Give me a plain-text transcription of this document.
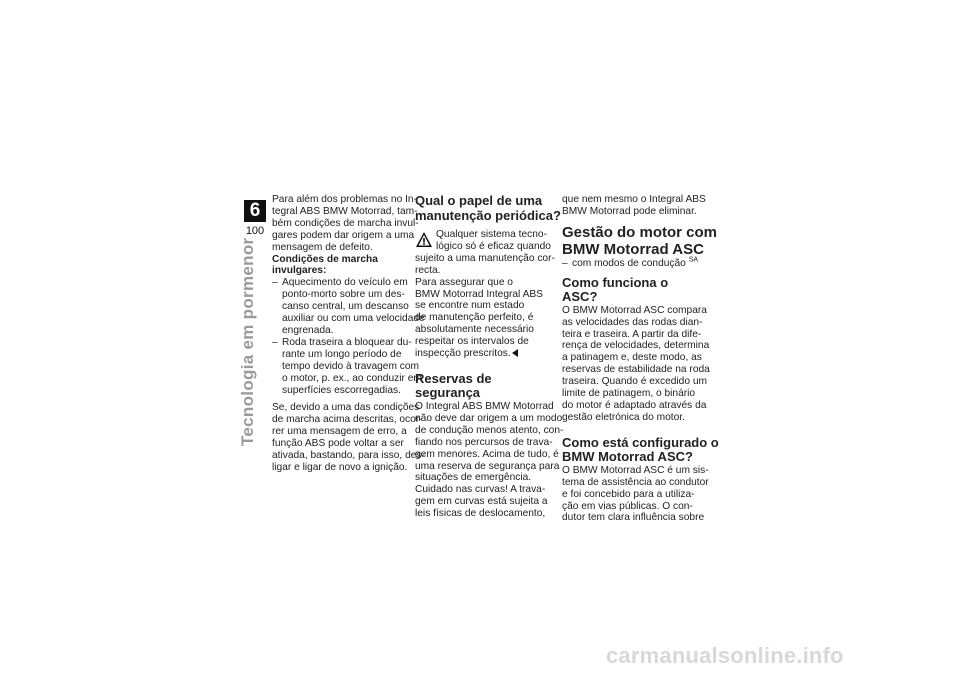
6
100
Tecnologia em pormenor
Para além dos problemas no In-
tegral ABS BMW Motorrad, tam-
bém condições de marcha invul-
gares podem dar origem a uma
mensagem de defeito.
Condições de marcha
invulgares:
– Aquecimento do veículo em
ponto-morto sobre um des-
canso central, um descanso
auxiliar ou com uma velocidade
engrenada.
– Roda traseira a bloquear du-
rante um longo período de
tempo devido à travagem com
o motor, p. ex., ao conduzir em
superfícies escorregadias.
Se, devido a uma das condições
de marcha acima descritas, ocor-
rer uma mensagem de erro, a
função ABS pode voltar a ser
ativada, bastando, para isso, des-
ligar e ligar de novo a ignição.
Qual o papel de uma
manutenção periódica?
Qualquer sistema tecno-
lógico só é eficaz quando
sujeito a uma manutenção cor-
recta.
Para assegurar que o
BMW Motorrad Integral ABS
se encontre num estado
de manutenção perfeito, é
absolutamente necessário
respeitar os intervalos de
inspecção prescritos.
Reservas de segurança
O Integral ABS BMW Motorrad
não deve dar origem a um modo
de condução menos atento, con-
fiando nos percursos de trava-
gem menores. Acima de tudo, é
uma reserva de segurança para
situações de emergência.
Cuidado nas curvas! A trava-
gem em curvas está sujeita a
leis físicas de deslocamento,
que nem mesmo o Integral ABS
BMW Motorrad pode eliminar.
Gestão do motor com
BMW Motorrad ASC
– com modos de condução $^{SA}$
Como funciona o ASC?
O BMW Motorrad ASC compara
as velocidades das rodas dian-
teira e traseira. A partir da dife-
rença de velocidades, determina
a patinagem e, deste modo, as
reservas de estabilidade na roda
traseira. Quando é excedido um
limite de patinagem, o binário
do motor é adaptado através da
gestão eletrónica do motor.
Como está configurado o
BMW Motorrad ASC?
O BMW Motorrad ASC é um sis-
tema de assistência ao condutor
e foi concebido para a utiliza-
ção em vias públicas. O con-
dutor tem clara influência sobre
carmanualsonline.info
